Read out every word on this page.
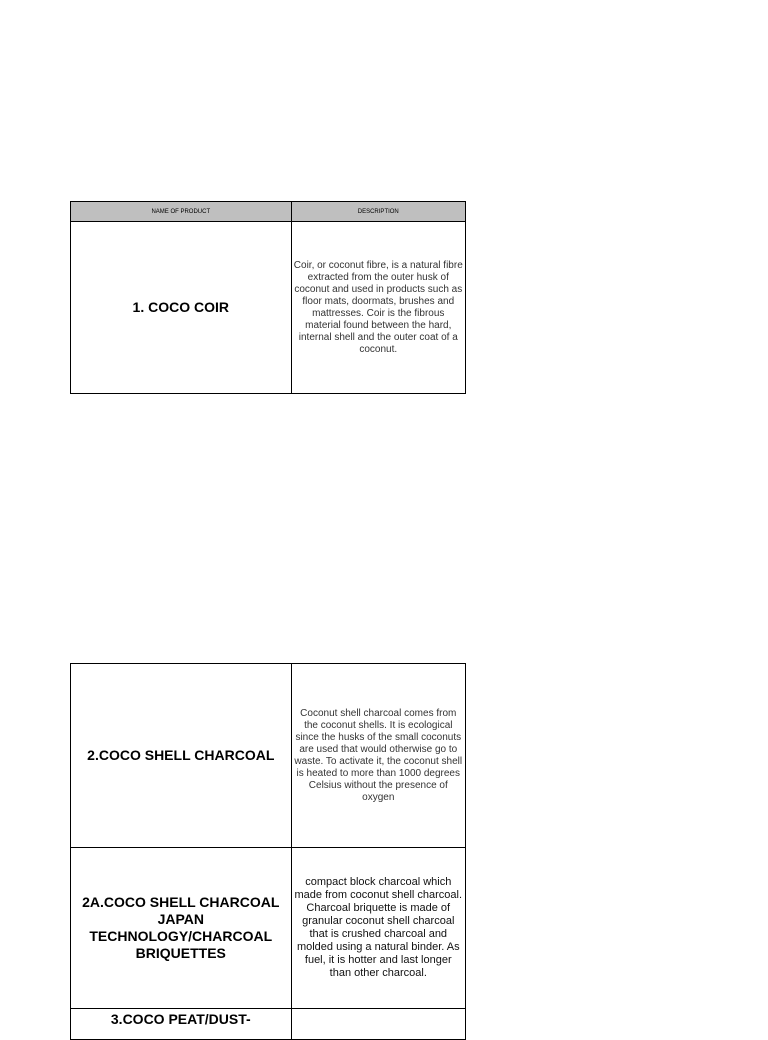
NAME OF PRODUCT	DESCRIPTION
1. COCO COIR	Coir, or coconut fibre, is a natural fibre extracted from the outer husk of coconut and used in products such as floor mats, doormats, brushes and mattresses. Coir is the fibrous material found between the hard, internal shell and the outer coat of a coconut.
2.COCO SHELL CHARCOAL	Coconut shell charcoal comes from the coconut shells. It is ecological since the husks of the small coconuts are used that would otherwise go to waste. To activate it, the coconut shell is heated to more than 1000 degrees Celsius without the presence of oxygen

2A.COCO SHELL CHARCOAL JAPAN TECHNOLOGY/CHARCOAL BRIQUETTES	compact block charcoal which made from coconut shell charcoal. Charcoal briquette is made of granular coconut shell charcoal that is crushed charcoal and molded using a natural binder. As fuel, it is hotter and last longer than other charcoal.

3.COCO PEAT/DUST-	
